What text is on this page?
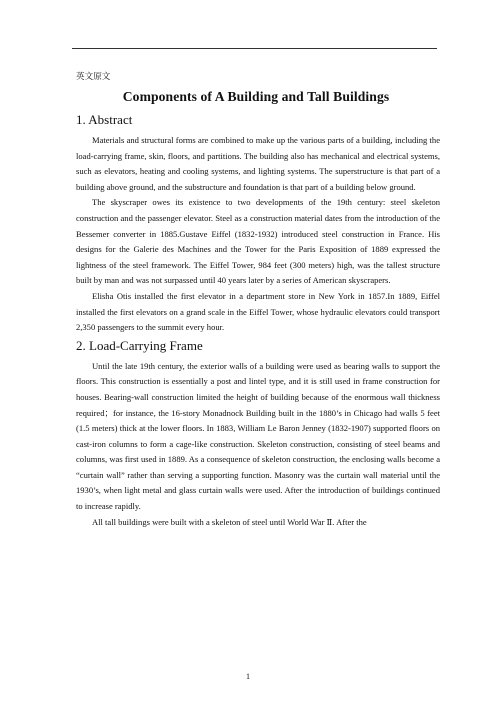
英文原文
Components of A Building and Tall Buildings
1. Abstract

Materials and structural forms are combined to make up the various parts of a building, including the load-carrying frame, skin, floors, and partitions. The building also has mechanical and electrical systems, such as elevators, heating and cooling systems, and lighting systems. The superstructure is that part of a building above ground, and the substructure and foundation is that part of a building below ground.

The skyscraper owes its existence to two developments of the 19th century: steel skeleton construction and the passenger elevator. Steel as a construction material dates from the introduction of the Bessemer converter in 1885.Gustave Eiffel (1832-1932) introduced steel construction in France. His designs for the Galerie des Machines and the Tower for the Paris Exposition of 1889 expressed the lightness of the steel framework. The Eiffel Tower, 984 feet (300 meters) high, was the tallest structure built by man and was not surpassed until 40 years later by a series of American skyscrapers.

Elisha Otis installed the first elevator in a department store in New York in 1857.In 1889, Eiffel installed the first elevators on a grand scale in the Eiffel Tower, whose hydraulic elevators could transport 2,350 passengers to the summit every hour.

2. Load-Carrying Frame

Until the late 19th century, the exterior walls of a building were used as bearing walls to support the floors. This construction is essentially a post and lintel type, and it is still used in frame construction for houses. Bearing-wall construction limited the height of building because of the enormous wall thickness required；for instance, the 16-story Monadnock Building built in the 1880’s in Chicago had walls 5 feet (1.5 meters) thick at the lower floors. In 1883, William Le Baron Jenney (1832-1907) supported floors on cast-iron columns to form a cage-like construction. Skeleton construction, consisting of steel beams and columns, was first used in 1889. As a consequence of skeleton construction, the enclosing walls become a “curtain wall” rather than serving a supporting function. Masonry was the curtain wall material until the 1930’s, when light metal and glass curtain walls were used. After the introduction of buildings continued to increase rapidly.

All tall buildings were built with a skeleton of steel until World War Ⅱ. After the

1
